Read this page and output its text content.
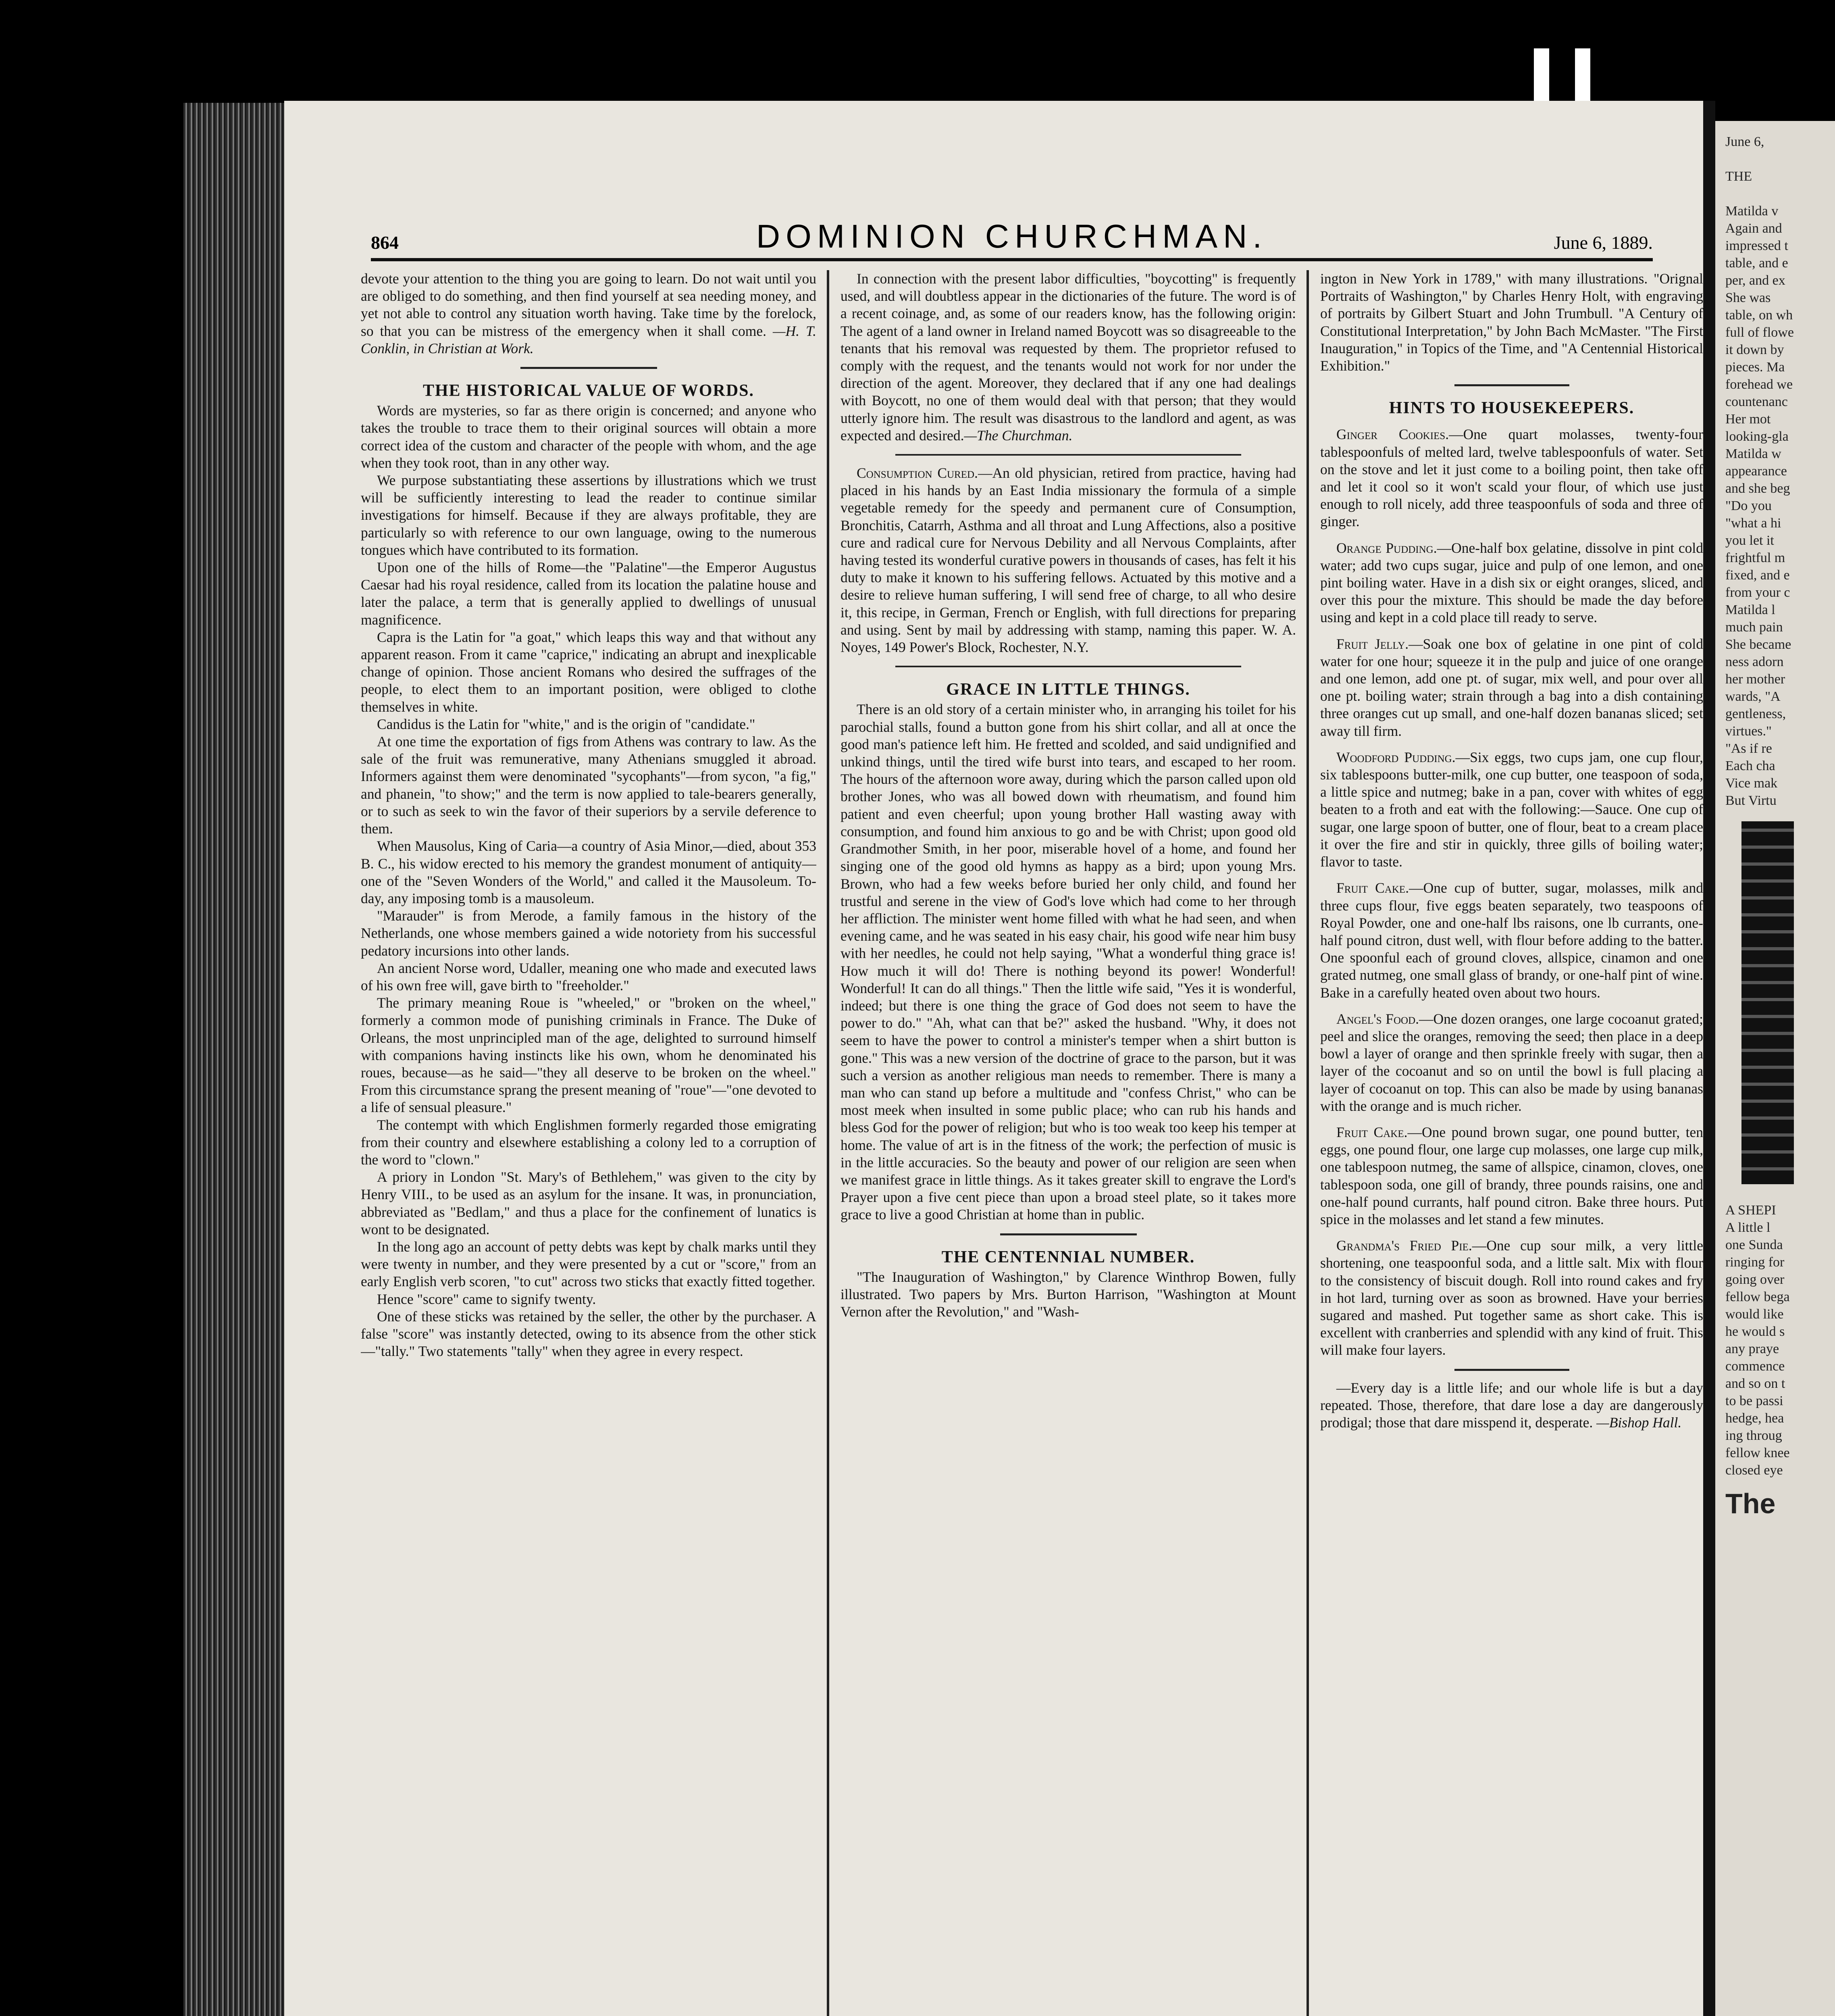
864	DOMINION CHURCHMAN.	June 6, 1889.

devote your attention to the thing you are going to learn. Do not wait until you are obliged to do something, and then find yourself at sea needing money, and yet not able to control any situation worth having. Take time by the forelock, so that you can be mistress of the emergency when it shall come. —H. T. Conklin, in Christian at Work.

THE HISTORICAL VALUE OF WORDS.

Words are mysteries, so far as there origin is concerned; and anyone who takes the trouble to trace them to their original sources will obtain a more correct idea of the custom and character of the people with whom, and the age when they took root, than in any other way.

We purpose substantiating these assertions by illustrations which we trust will be sufficiently interesting to lead the reader to continue similar investigations for himself. Because if they are always profitable, they are particularly so with reference to our own language, owing to the numerous tongues which have contributed to its formation.

Upon one of the hills of Rome—the "Palatine"—the Emperor Augustus Caesar had his royal residence, called from its location the palatine house and later the palace, a term that is generally applied to dwellings of unusual magnificence.

Capra is the Latin for "a goat," which leaps this way and that without any apparent reason. From it came "caprice," indicating an abrupt and inexplicable change of opinion. Those ancient Romans who desired the suffrages of the people, to elect them to an important position, were obliged to clothe themselves in white.

Candidus is the Latin for "white," and is the origin of "candidate."

At one time the exportation of figs from Athens was contrary to law. As the sale of the fruit was remunerative, many Athenians smuggled it abroad. Informers against them were denominated "sycophants"—from sycon, "a fig," and phanein, "to show;" and the term is now applied to tale-bearers generally, or to such as seek to win the favor of their superiors by a servile deference to them.

When Mausolus, King of Caria—a country of Asia Minor,—died, about 353 B. C., his widow erected to his memory the grandest monument of antiquity—one of the "Seven Wonders of the World," and called it the Mausoleum. To-day, any imposing tomb is a mausoleum.

"Marauder" is from Merode, a family famous in the history of the Netherlands, one whose members gained a wide notoriety from his successful pedatory incursions into other lands.

An ancient Norse word, Udaller, meaning one who made and executed laws of his own free will, gave birth to "freeholder."

The primary meaning Roue is "wheeled," or "broken on the wheel," formerly a common mode of punishing criminals in France. The Duke of Orleans, the most unprincipled man of the age, delighted to surround himself with companions having instincts like his own, whom he denominated his roues, because—as he said—"they all deserve to be broken on the wheel." From this circumstance sprang the present meaning of "roue"—"one devoted to a life of sensual pleasure."

The contempt with which Englishmen formerly regarded those emigrating from their country and elsewhere establishing a colony led to a corruption of the word to "clown."

A priory in London "St. Mary's of Bethlehem," was given to the city by Henry VIII., to be used as an asylum for the insane. It was, in pronunciation, abbreviated as "Bedlam," and thus a place for the confinement of lunatics is wont to be designated.

In the long ago an account of petty debts was kept by chalk marks until they were twenty in number, and they were presented by a cut or "score," from an early English verb scoren, "to cut" across two sticks that exactly fitted together.

Hence "score" came to signify twenty.

One of these sticks was retained by the seller, the other by the purchaser. A false "score" was instantly detected, owing to its absence from the other stick—"tally." Two statements "tally" when they agree in every respect.

In connection with the present labor difficulties, "boycotting" is frequently used, and will doubtless appear in the dictionaries of the future. The word is of a recent coinage, and, as some of our readers know, has the following origin: The agent of a land owner in Ireland named Boycott was so disagreeable to the tenants that his removal was requested by them. The proprietor refused to comply with the request, and the tenants would not work for nor under the direction of the agent. Moreover, they declared that if any one had dealings with Boycott, no one of them would deal with that person; that they would utterly ignore him. The result was disastrous to the landlord and agent, as was expected and desired.—The Churchman.

Consumption Cured.—An old physician, retired from practice, having had placed in his hands by an East India missionary the formula of a simple vegetable remedy for the speedy and permanent cure of Consumption, Bronchitis, Catarrh, Asthma and all throat and Lung Affections, also a positive cure and radical cure for Nervous Debility and all Nervous Complaints, after having tested its wonderful curative powers in thousands of cases, has felt it his duty to make it known to his suffering fellows. Actuated by this motive and a desire to relieve human suffering, I will send free of charge, to all who desire it, this recipe, in German, French or English, with full directions for preparing and using. Sent by mail by addressing with stamp, naming this paper. W. A. Noyes, 149 Power's Block, Rochester, N.Y.

GRACE IN LITTLE THINGS.

There is an old story of a certain minister who, in arranging his toilet for his parochial stalls, found a button gone from his shirt collar, and all at once the good man's patience left him. He fretted and scolded, and said undignified and unkind things, until the tired wife burst into tears, and escaped to her room. The hours of the afternoon wore away, during which the parson called upon old brother Jones, who was all bowed down with rheumatism, and found him patient and even cheerful; upon young brother Hall wasting away with consumption, and found him anxious to go and be with Christ; upon good old Grandmother Smith, in her poor, miserable hovel of a home, and found her singing one of the good old hymns as happy as a bird; upon young Mrs. Brown, who had a few weeks before buried her only child, and found her trustful and serene in the view of God's love which had come to her through her affliction. The minister went home filled with what he had seen, and when evening came, and he was seated in his easy chair, his good wife near him busy with her needles, he could not help saying, "What a wonderful thing grace is! How much it will do! There is nothing beyond its power! Wonderful! Wonderful! It can do all things." Then the little wife said, "Yes it is wonderful, indeed; but there is one thing the grace of God does not seem to have the power to do." "Ah, what can that be?" asked the husband. "Why, it does not seem to have the power to control a minister's temper when a shirt button is gone." This was a new version of the doctrine of grace to the parson, but it was such a version as another religious man needs to remember. There is many a man who can stand up before a multitude and "confess Christ," who can be most meek when insulted in some public place; who can rub his hands and bless God for the power of religion; but who is too weak too keep his temper at home. The value of art is in the fitness of the work; the perfection of music is in the little accuracies. So the beauty and power of our religion are seen when we manifest grace in little things. As it takes greater skill to engrave the Lord's Prayer upon a five cent piece than upon a broad steel plate, so it takes more grace to live a good Christian at home than in public.

THE CENTENNIAL NUMBER.

"The Inauguration of Washington," by Clarence Winthrop Bowen, fully illustrated. Two papers by Mrs. Burton Harrison, "Washington at Mount Vernon after the Revolution," and "Wash-

ington in New York in 1789," with many illustrations. "Orignal Portraits of Washington," by Charles Henry Holt, with engraving of portraits by Gilbert Stuart and John Trumbull. "A Century of Constitutional Interpretation," by John Bach McMaster. "The First Inauguration," in Topics of the Time, and "A Centennial Historical Exhibition."

HINTS TO HOUSEKEEPERS.

Ginger Cookies.—One quart molasses, twenty-four tablespoonfuls of melted lard, twelve tablespoonfuls of water. Set on the stove and let it just come to a boiling point, then take off and let it cool so it won't scald your flour, of which use just enough to roll nicely, add three teaspoonfuls of soda and three of ginger.

Orange Pudding.—One-half box gelatine, dissolve in pint cold water; add two cups sugar, juice and pulp of one lemon, and one pint boiling water. Have in a dish six or eight oranges, sliced, and over this pour the mixture. This should be made the day before using and kept in a cold place till ready to serve.

Fruit Jelly.—Soak one box of gelatine in one pint of cold water for one hour; squeeze it in the pulp and juice of one orange and one lemon, add one pt. of sugar, mix well, and pour over all one pt. boiling water; strain through a bag into a dish containing three oranges cut up small, and one-half dozen bananas sliced; set away till firm.

Woodford Pudding.—Six eggs, two cups jam, one cup flour, six tablespoons butter-milk, one cup butter, one teaspoon of soda, a little spice and nutmeg; bake in a pan, cover with whites of egg beaten to a froth and eat with the following:—Sauce. One cup of sugar, one large spoon of butter, one of flour, beat to a cream place it over the fire and stir in quickly, three gills of boiling water; flavor to taste.

Fruit Cake.—One cup of butter, sugar, molasses, milk and three cups flour, five eggs beaten separately, two teaspoons of Royal Powder, one and one-half lbs raisons, one lb currants, one-half pound citron, dust well, with flour before adding to the batter. One spoonful each of ground cloves, allspice, cinamon and one grated nutmeg, one small glass of brandy, or one-half pint of wine. Bake in a carefully heated oven about two hours.

Angel's Food.—One dozen oranges, one large cocoanut grated; peel and slice the oranges, removing the seed; then place in a deep bowl a layer of orange and then sprinkle freely with sugar, then a layer of the cocoanut and so on until the bowl is full placing a layer of cocoanut on top. This can also be made by using bananas with the orange and is much richer.

Fruit Cake.—One pound brown sugar, one pound butter, ten eggs, one pound flour, one large cup molasses, one large cup milk, one tablespoon nutmeg, the same of allspice, cinamon, cloves, one tablespoon soda, one gill of brandy, three pounds raisins, one and one-half pound currants, half pound citron. Bake three hours. Put spice in the molasses and let stand a few minutes.

Grandma's Fried Pie.—One cup sour milk, a very little shortening, one teaspoonful soda, and a little salt. Mix with flour to the consistency of biscuit dough. Roll into round cakes and fry in hot lard, turning over as soon as browned. Have your berries sugared and mashed. Put together same as short cake. This is excellent with cranberries and splendid with any kind of fruit. This will make four layers.

—Every day is a little life; and our whole life is but a day repeated. Those, therefore, that dare lose a day are dangerously prodigal; those that dare misspend it, desperate. —Bishop Hall.

June 6,

THE

Matilda v
Again and
impressed t
table, and e
per, and ex
She was
table, on wh
full of flowe
it down by
pieces. Ma
forehead we
countenanc
Her mot
looking-gla
Matilda w
appearance
and she beg
"Do you
"what a hi
you let it
frightful m
fixed, and e
from your c
Matilda l
much pain
She became
ness adorn
her mother
wards, "A
gentleness,
virtues."
"As if re
Each cha
Vice mak
But Virtu

A SHEPI
A little l
one Sunda
ringing for
going over
fellow bega
would like
he would s
any praye
commence
and so on t
to be passi
hedge, hea
ing throug
fellow knee
closed eye
The
